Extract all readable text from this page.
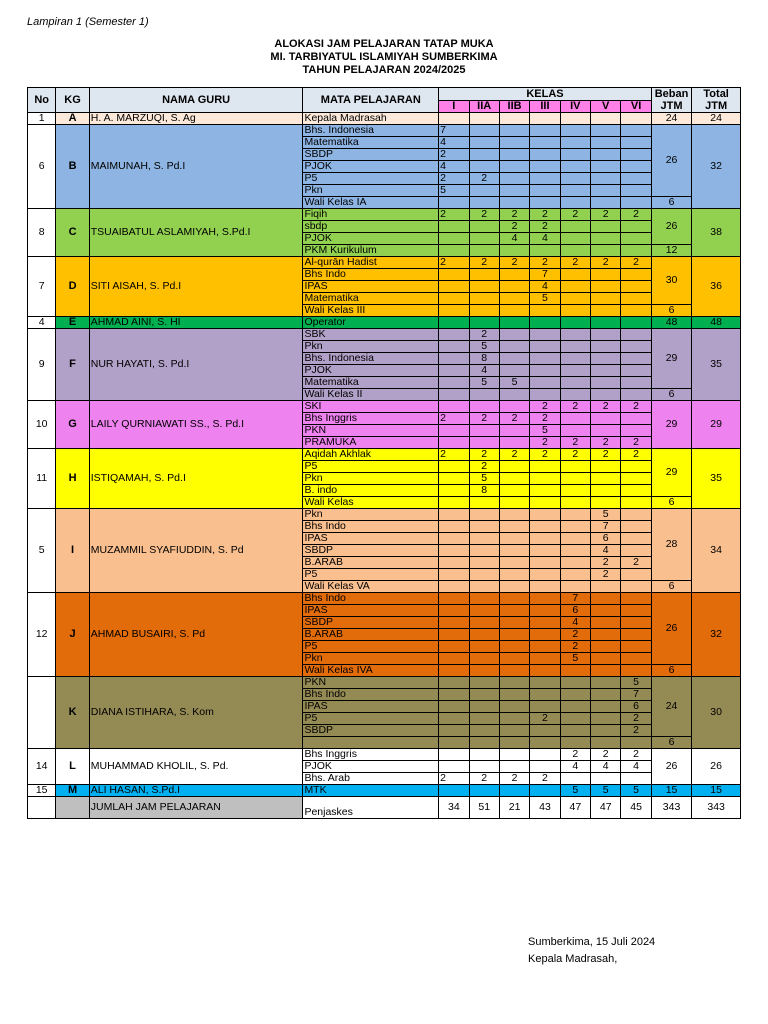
Lampiran 1 (Semester 1)
ALOKASI JAM PELAJARAN TATAP MUKA
MI. TARBIYATUL ISLAMIYAH SUMBERKIMA
TAHUN PELAJARAN 2024/2025
No	KG	NAMA GURU	MATA PELAJARAN	KELAS							Beban JTM	Total JTM
				I	IIA	IIB	III	IV	V	VI		
1	A	H. A. MARZUQI, S. Ag	Kepala Madrasah								24	24
6	B	MAIMUNAH, S. Pd.I	Bhs. Indonesia	7							26	32
			Matematika	4								
			SBDP	2								
			PJOK	4								
			P5	2	2							
			Pkn	5								
			Wali Kelas IA								6	
8	C	TSUAIBATUL ASLAMIYAH, S.Pd.I	Fiqih	2	2	2	2	2	2	2	26	38
			sbdp			2	2					
			PJOK			4	4					
			PKM Kurikulum								12	
7	D	SITI AISAH, S. Pd.I	Al-qurān Hadist	2	2	2	2	2	2	2	30	36
			Bhs Indo				7					
			IPAS				4					
			Matematika				5					
			Wali Kelas III								6	
4	E	AHMAD AINI, S. HI	Operator								48	48
9	F	NUR HAYATI, S. Pd.I	SBK		2						29	35
			Pkn		5							
			Bhs. Indonesia		8							
			PJOK		4							
			Matematika		5	5						
			Wali Kelas II								6	
10	G	LAILY QURNIAWATI SS., S. Pd.I	SKI				2	2	2	2	29	29
			Bhs Inggris	2	2	2	2					
			PKN				5					
			PRAMUKA				2	2	2	2		
11	H	ISTIQAMAH, S. Pd.I	Aqidah Akhlak	2	2	2	2	2	2	2	29	35
			P5		2							
			Pkn		5							
			B. indo		8							
			Wali Kelas								6	
5	I	MUZAMMIL SYAFIUDDIN, S. Pd	Pkn						5		28	34
			Bhs Indo						7			
			IPAS						6			
			SBDP						4			
			B.ARAB						2	2		
			P5						2			
			Wali Kelas VA								6	
12	J	AHMAD BUSAIRI, S. Pd	Bhs Indo					7			26	32
			IPAS					6				
			SBDP					4				
			B.ARAB					2				
			P5					2				
			Pkn					5				
			Wali Kelas IVA								6	
	K	DIANA ISTIHARA, S. Kom	PKN							5	24	30
			Bhs Indo							7		
			IPAS							6		
			P5				2			2		
			SBDP							2		
											6	
14	L	MUHAMMAD KHOLIL, S. Pd.	Bhs Inggris					2	2	2	26	26
			PJOK					4	4	4		
			Bhs. Arab	2	2	2	2					
15	M	ALI HASAN, S.Pd.I	MTK					5	5	5	15	15
		JUMLAH JAM PELAJARAN	Penjaskes	34	51	21	43	47	47	45	343	343
Sumberkima, 15 Juli 2024
Kepala Madrasah,
